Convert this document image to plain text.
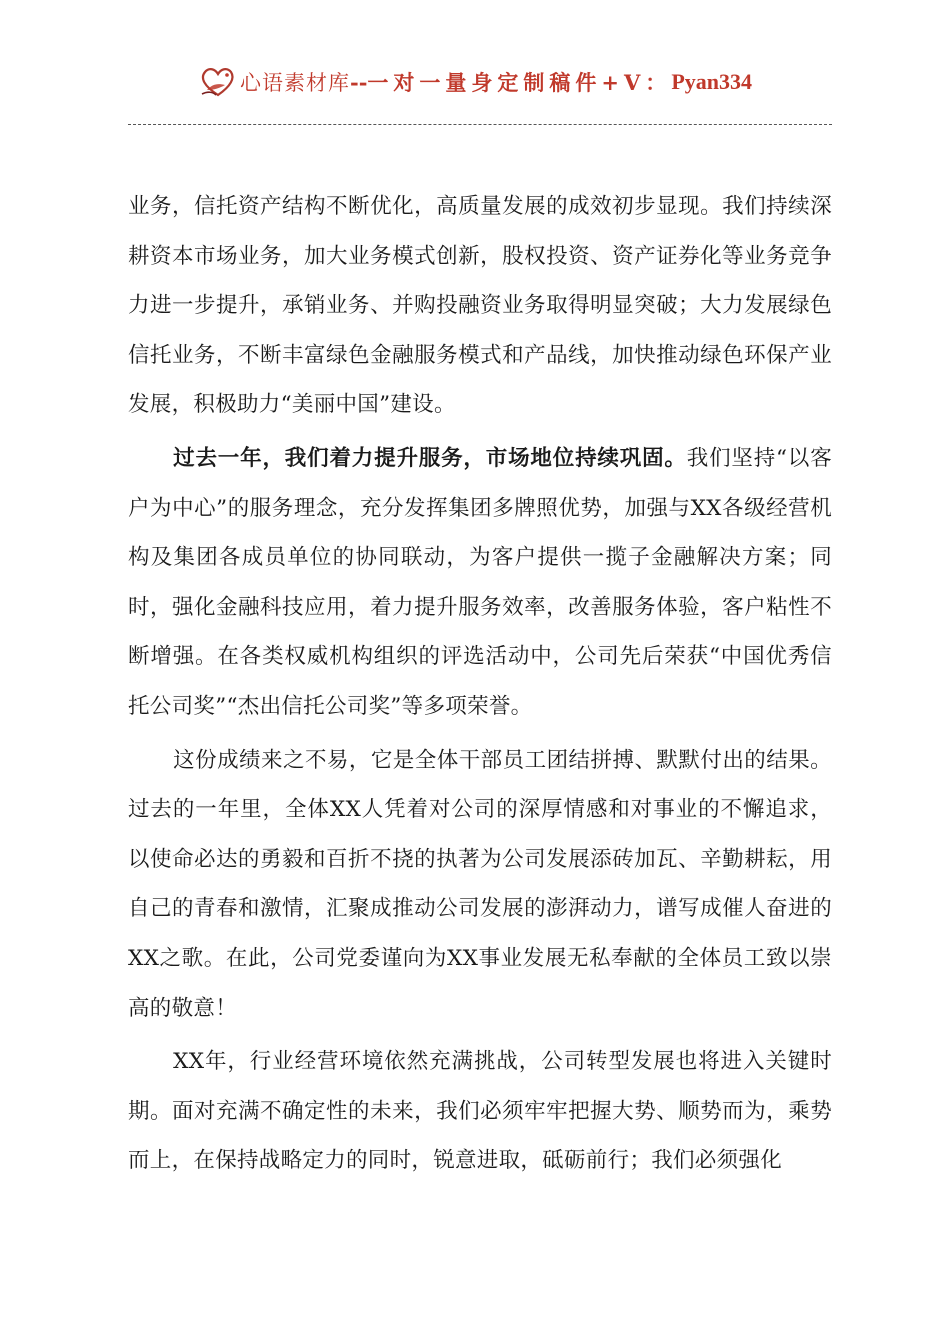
心语素材库 -- 一对一量身定制稿件+V： Pyan334

业务，信托资产结构不断优化，高质量发展的成效初步显现。我们持续深耕资本市场业务，加大业务模式创新，股权投资、资产证券化等业务竞争力进一步提升，承销业务、并购投融资业务取得明显突破；大力发展绿色信托业务，不断丰富绿色金融服务模式和产品线，加快推动绿色环保产业发展，积极助力“美丽中国”建设。

过去一年，我们着力提升服务，市场地位持续巩固。我们坚持“以客户为中心”的服务理念，充分发挥集团多牌照优势，加强与XX各级经营机构及集团各成员单位的协同联动，为客户提供一揽子金融解决方案；同时，强化金融科技应用，着力提升服务效率，改善服务体验，客户粘性不断增强。在各类权威机构组织的评选活动中，公司先后荣获“中国优秀信托公司奖”“杰出信托公司奖”等多项荣誉。

这份成绩来之不易，它是全体干部员工团结拼搏、默默付出的结果。过去的一年里，全体XX人凭着对公司的深厚情感和对事业的不懈追求，以使命必达的勇毅和百折不挠的执著为公司发展添砖加瓦、辛勤耕耘，用自己的青春和激情，汇聚成推动公司发展的澎湃动力，谱写成催人奋进的XX之歌。在此，公司党委谨向为XX事业发展无私奉献的全体员工致以崇高的敬意！

XX年，行业经营环境依然充满挑战，公司转型发展也将进入关键时期。面对充满不确定性的未来，我们必须牢牢把握大势、顺势而为，乘势而上，在保持战略定力的同时，锐意进取，砥砺前行；我们必须强化
